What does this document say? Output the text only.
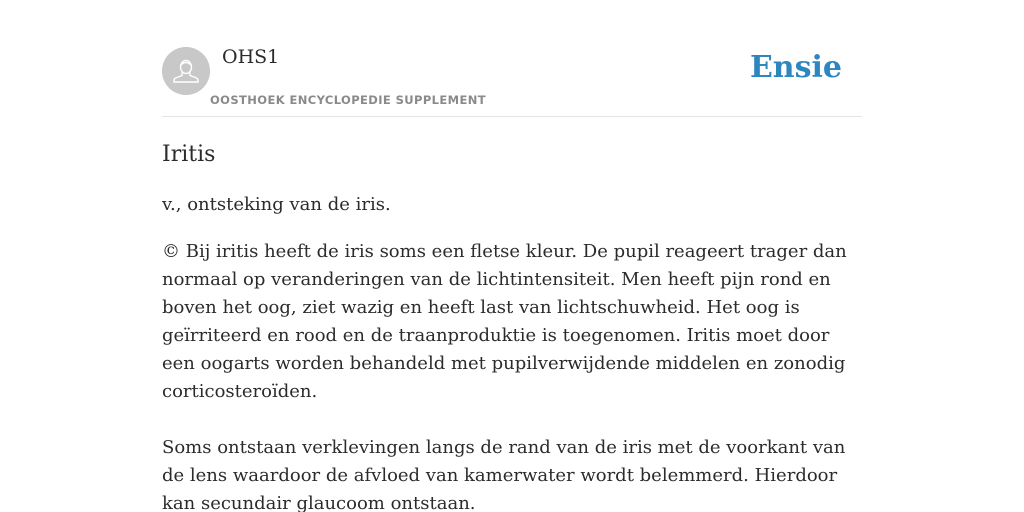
OHS1
OOSTHOEK ENCYCLOPEDIE SUPPLEMENT
Ensie
Iritis

v., ontsteking van de iris.

© Bij iritis heeft de iris soms een fletse kleur. De pupil reageert trager dan normaal op veranderingen van de lichtintensiteit. Men heeft pijn rond en boven het oog, ziet wazig en heeft last van lichtschuwheid. Het oog is geïrriteerd en rood en de traanproduktie is toegenomen. Iritis moet door een oogarts worden behandeld met pupilverwijdende middelen en zonodig corticosteroïden.

Soms ontstaan verklevingen langs de rand van de iris met de voorkant van de lens waardoor de afvloed van kamerwater wordt belemmerd. Hierdoor kan secundair glaucoom ontstaan.
